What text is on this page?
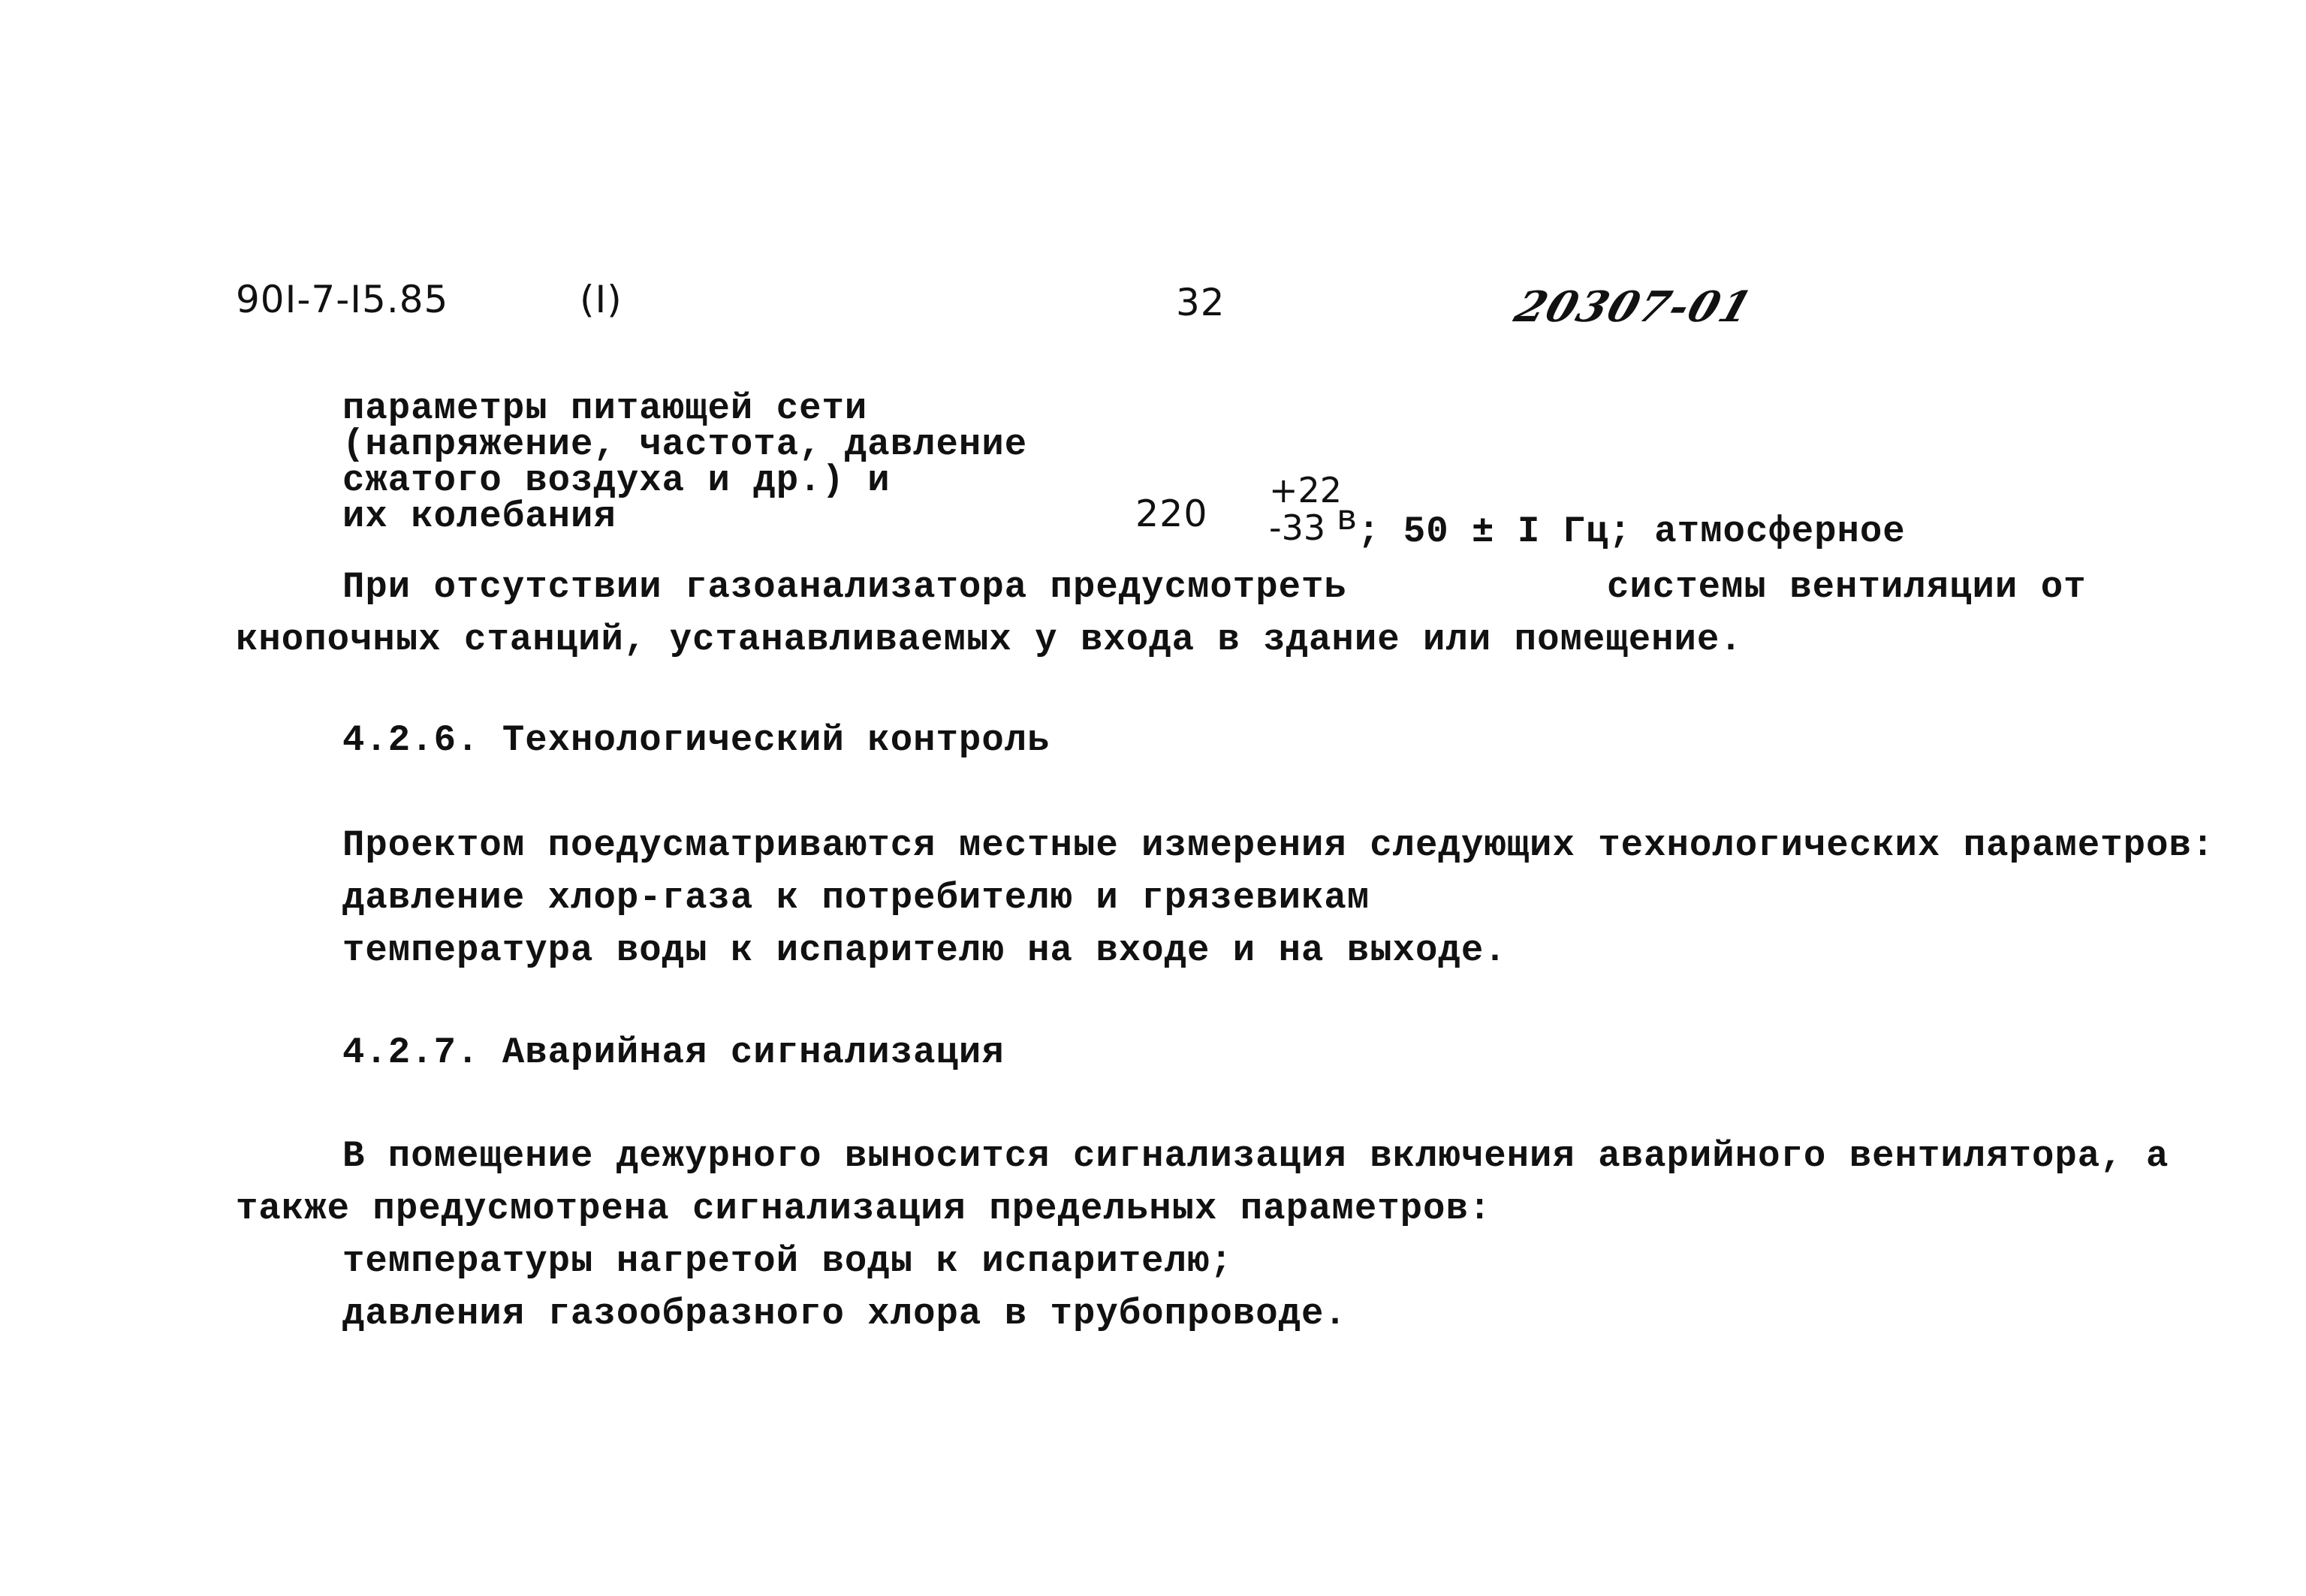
90I-7-I5.85	(I)	32	20307-01
параметры питающей сети
(напряжение, частота, давление
сжатого воздуха и др.) и
их колебания	220
+22
-33 в ; 50 ± I Гц; атмосферное
При отсутствии газоанализатора предусмотреть	системы вентиляции от
кнопочных станций, устанавливаемых у входа в здание или помещение.
4.2.6. Технологический контроль
Проектом поедусматриваются местные измерения следующих технологических параметров:
давление хлор-газа к потребителю и грязевикам
температура воды к испарителю на входе и на выходе.
4.2.7. Аварийная сигнализация
В помещение дежурного выносится сигнализация включения аварийного вентилятора, а
также предусмотрена сигнализация предельных параметров:
температуры нагретой воды к испарителю;
давления газообразного хлора в трубопроводе.
